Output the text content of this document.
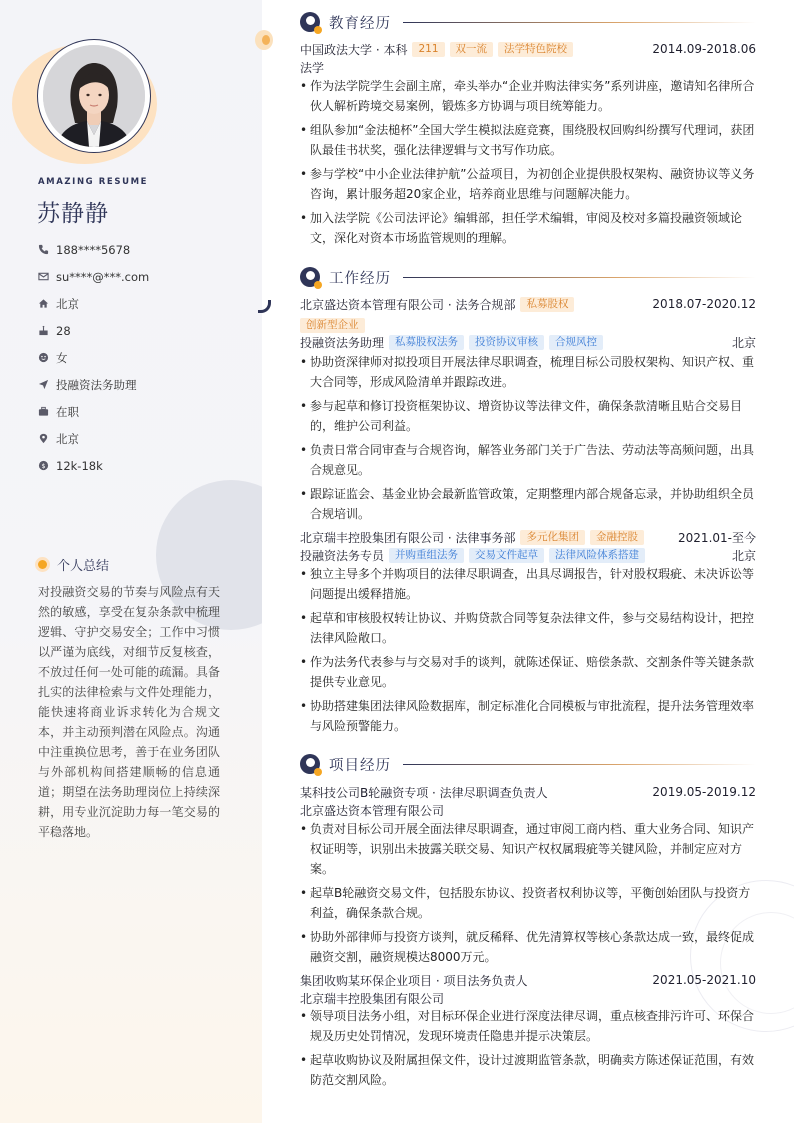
AMAZING RESUME
苏静静
188****5678
su****@***.com
北京
28
女
投融资法务助理
在职
北京
$ 12k-18k
个人总结
对投融资交易的节奏与风险点有天然的敏感，享受在复杂条款中梳理逻辑、守护交易安全；工作中习惯以严谨为底线，对细节反复核查，不放过任何一处可能的疏漏。具备扎实的法律检索与文件处理能力，能快速将商业诉求转化为合规文本，并主动预判潜在风险点。沟通中注重换位思考，善于在业务团队与外部机构间搭建顺畅的信息通道；期望在法务助理岗位上持续深耕，用专业沉淀助力每一笔交易的平稳落地。
教育经历
中国政法大学 · 本科	211	双一流	法学特色院校	2014.09-2018.06
法学
• 作为法学院学生会副主席，牵头举办“企业并购法律实务”系列讲座，邀请知名律所合伙人解析跨境交易案例，锻炼多方协调与项目统筹能力。
• 组队参加“金法槌杯”全国大学生模拟法庭竞赛，围绕股权回购纠纷撰写代理词，获团队最佳书状奖，强化法律逻辑与文书写作功底。
• 参与学校“中小企业法律护航”公益项目，为初创企业提供股权架构、融资协议等义务咨询，累计服务超20家企业，培养商业思维与问题解决能力。
• 加入法学院《公司法评论》编辑部，担任学术编辑，审阅及校对多篇投融资领域论文，深化对资本市场监管规则的理解。
工作经历
北京盛达资本管理有限公司 · 法务合规部	私募股权	2018.07-2020.12
创新型企业
投融资法务助理	私募股权法务	投资协议审核	合规风控	北京
• 协助资深律师对拟投项目开展法律尽职调查，梳理目标公司股权架构、知识产权、重大合同等，形成风险清单并跟踪改进。
• 参与起草和修订投资框架协议、增资协议等法律文件，确保条款清晰且贴合交易目的，维护公司利益。
• 负责日常合同审查与合规咨询，解答业务部门关于广告法、劳动法等高频问题，出具合规意见。
• 跟踪证监会、基金业协会最新监管政策，定期整理内部合规备忘录，并协助组织全员合规培训。
北京瑞丰控股集团有限公司 · 法律事务部	多元化集团	金融控股	2021.01-至今
投融资法务专员	并购重组法务	交易文件起草	法律风险体系搭建	北京
• 独立主导多个并购项目的法律尽职调查，出具尽调报告，针对股权瑕疵、未决诉讼等问题提出缓释措施。
• 起草和审核股权转让协议、并购贷款合同等复杂法律文件，参与交易结构设计，把控法律风险敞口。
• 作为法务代表参与与交易对手的谈判，就陈述保证、赔偿条款、交割条件等关键条款提供专业意见。
• 协助搭建集团法律风险数据库，制定标准化合同模板与审批流程，提升法务管理效率与风险预警能力。
项目经历
某科技公司B轮融资专项 · 法律尽职调查负责人	2019.05-2019.12
北京盛达资本管理有限公司
• 负责对目标公司开展全面法律尽职调查，通过审阅工商内档、重大业务合同、知识产权证明等，识别出未披露关联交易、知识产权权属瑕疵等关键风险，并制定应对方案。
• 起草B轮融资交易文件，包括股东协议、投资者权利协议等，平衡创始团队与投资方利益，确保条款合规。
• 协助外部律师与投资方谈判，就反稀释、优先清算权等核心条款达成一致，最终促成融资交割，融资规模达8000万元。
集团收购某环保企业项目 · 项目法务负责人	2021.05-2021.10
北京瑞丰控股集团有限公司
• 领导项目法务小组，对目标环保企业进行深度法律尽调，重点核查排污许可、环保合规及历史处罚情况，发现环境责任隐患并提示决策层。
• 起草收购协议及附属担保文件，设计过渡期监管条款，明确卖方陈述保证范围，有效防范交割风险。
